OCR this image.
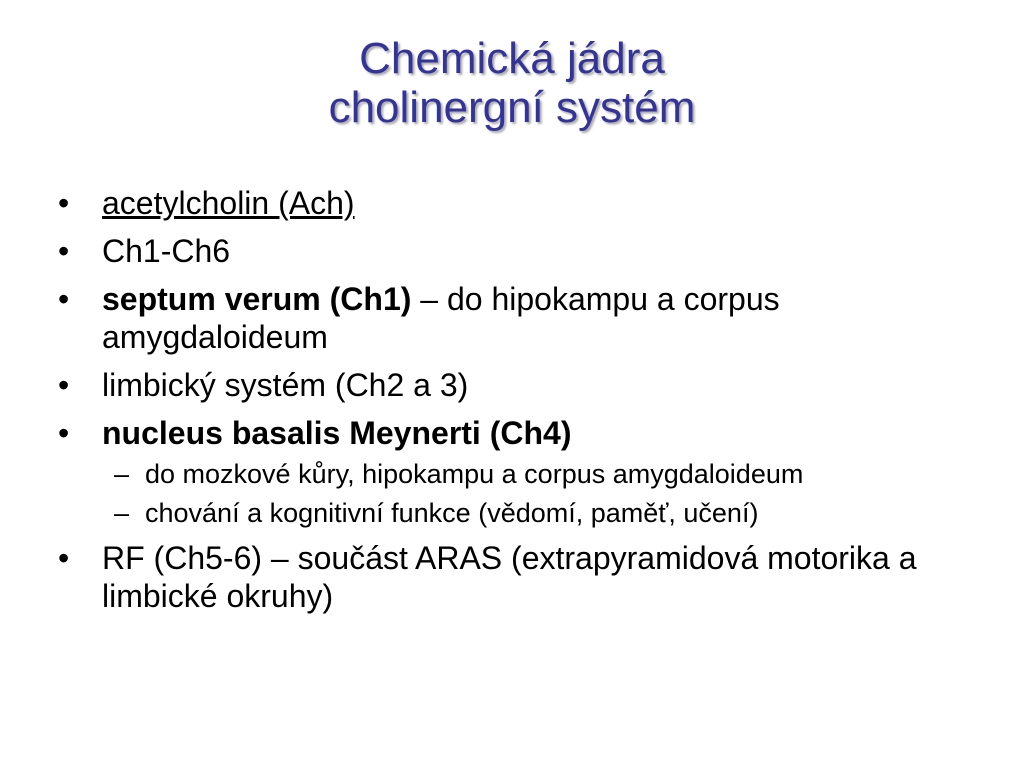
Chemická jádra
cholinergní systém
•	acetylcholin (Ach)
•	Ch1-Ch6
•	septum verum (Ch1) – do hipokampu a corpus amygdaloideum
•	limbický systém (Ch2 a 3)
•	nucleus basalis Meynerti (Ch4)
– do mozkové kůry, hipokampu a corpus amygdaloideum
– chování a kognitivní funkce (vědomí, paměť, učení)
•	RF (Ch5-6) – součást ARAS (extrapyramidová motorika a limbické okruhy)
